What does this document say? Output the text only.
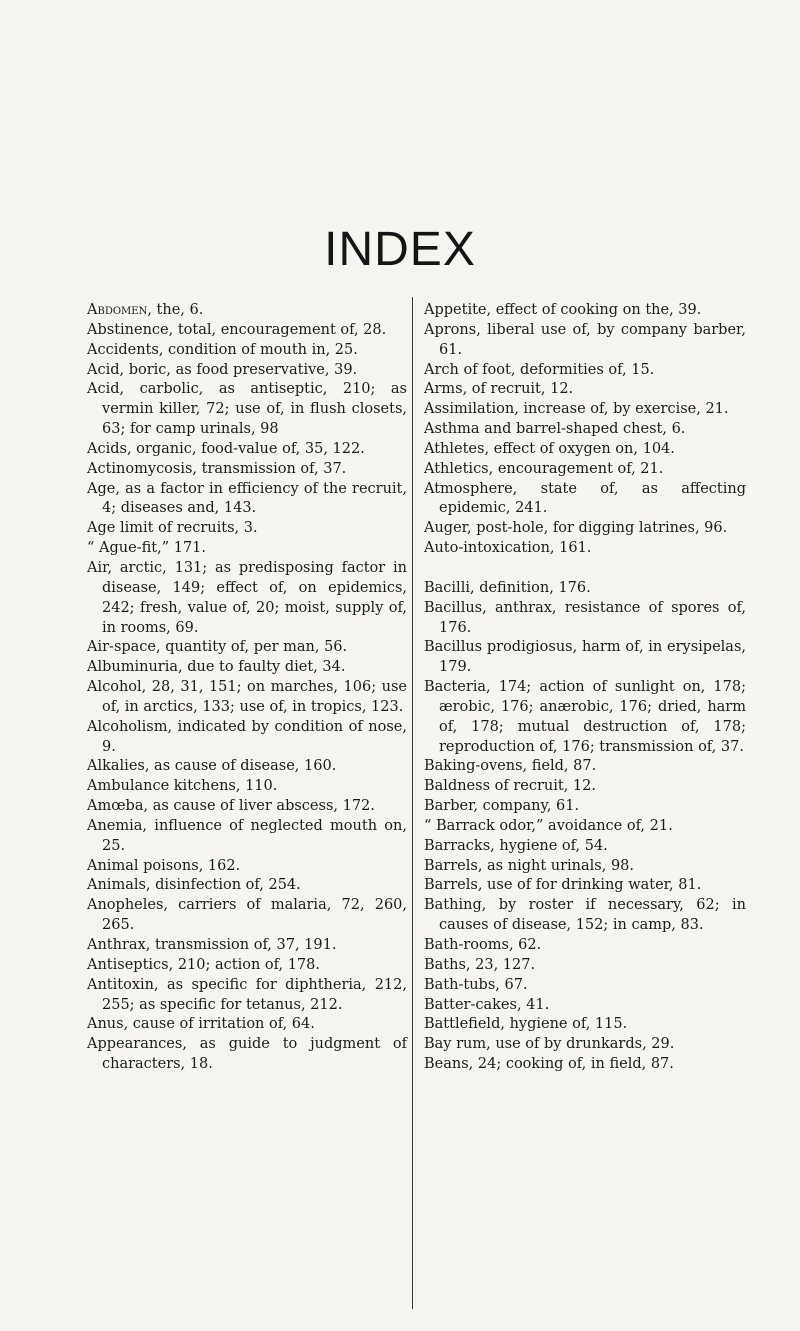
INDEX

Abdomen, the, 6.

Abstinence, total, encouragement of, 28.

Accidents, condition of mouth in, 25.

Acid, boric, as food preservative, 39.

Acid, carbolic, as antiseptic, 210; as vermin killer, 72; use of, in flush closets, 63; for camp urinals, 98

Acids, organic, food-value of, 35, 122.

Actinomycosis, transmission of, 37.

Age, as a factor in efficiency of the recruit, 4; diseases and, 143.

Age limit of recruits, 3.

“ Ague-fit,” 171.

Air, arctic, 131; as predisposing factor in disease, 149; effect of, on epidemics, 242; fresh, value of, 20; moist, supply of, in rooms, 69.

Air-space, quantity of, per man, 56.

Albuminuria, due to faulty diet, 34.

Alcohol, 28, 31, 151; on marches, 106; use of, in arctics, 133; use of, in tropics, 123.

Alcoholism, indicated by condition of nose, 9.

Alkalies, as cause of disease, 160.

Ambulance kitchens, 110.

Amœba, as cause of liver abscess, 172.

Anemia, influence of neglected mouth on, 25.

Animal poisons, 162.

Animals, disinfection of, 254.

Anopheles, carriers of malaria, 72, 260, 265.

Anthrax, transmission of, 37, 191.

Antiseptics, 210; action of, 178.

Antitoxin, as specific for diphtheria, 212, 255; as specific for tetanus, 212.

Anus, cause of irritation of, 64.

Appearances, as guide to judgment of characters, 18.

Appetite, effect of cooking on the, 39.

Aprons, liberal use of, by company barber, 61.

Arch of foot, deformities of, 15.

Arms, of recruit, 12.

Assimilation, increase of, by exercise, 21.

Asthma and barrel-shaped chest, 6.

Athletes, effect of oxygen on, 104.

Athletics, encouragement of, 21.

Atmosphere, state of, as affecting epidemic, 241.

Auger, post-hole, for digging latrines, 96.

Auto-intoxication, 161.

Bacilli, definition, 176.

Bacillus, anthrax, resistance of spores of, 176.

Bacillus prodigiosus, harm of, in erysipelas, 179.

Bacteria, 174; action of sunlight on, 178; ærobic, 176; anærobic, 176; dried, harm of, 178; mutual destruction of, 178; reproduction of, 176; transmission of, 37.

Baking-ovens, field, 87.

Baldness of recruit, 12.

Barber, company, 61.

“ Barrack odor,” avoidance of, 21.

Barracks, hygiene of, 54.

Barrels, as night urinals, 98.

Barrels, use of for drinking water, 81.

Bathing, by roster if necessary, 62; in causes of disease, 152; in camp, 83.

Bath-rooms, 62.

Baths, 23, 127.

Bath-tubs, 67.

Batter-cakes, 41.

Battlefield, hygiene of, 115.

Bay rum, use of by drunkards, 29.

Beans, 24; cooking of, in field, 87.
